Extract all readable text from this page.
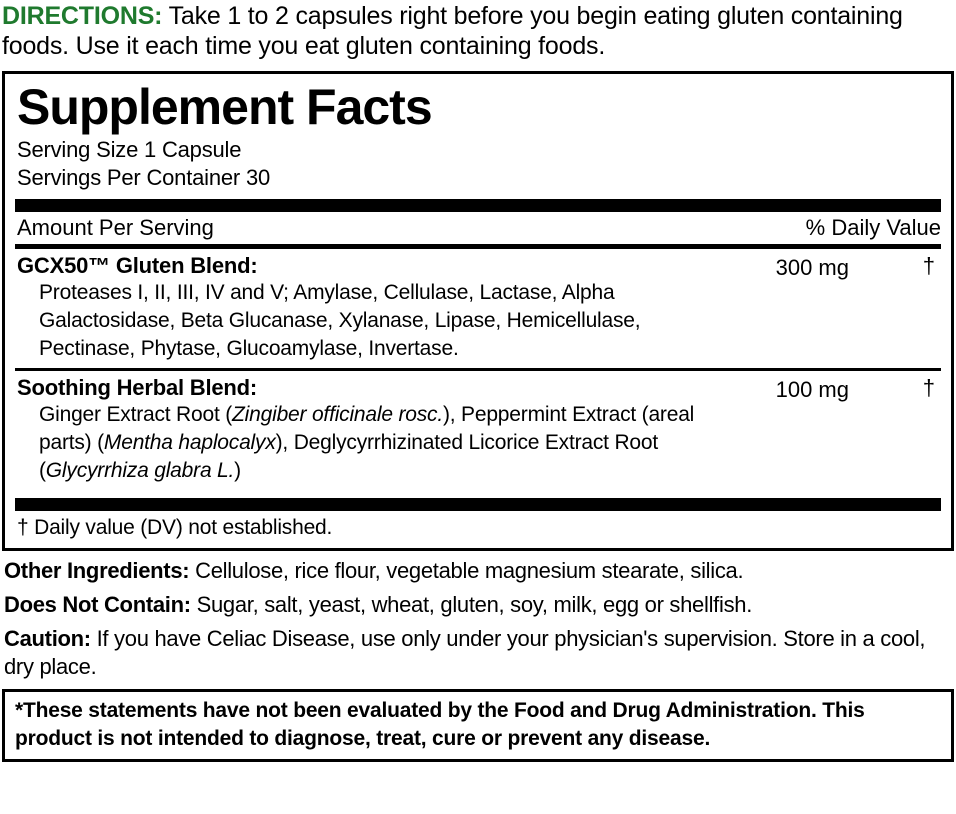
DIRECTIONS: Take 1 to 2 capsules right before you begin eating gluten containing foods. Use it each time you eat gluten containing foods.
Supplement Facts
Serving Size 1 Capsule
Servings Per Container 30
Amount Per Serving	% Daily Value
GCX50™ Gluten Blend:	300 mg	†
Proteases I, II, III, IV and V; Amylase, Cellulase, Lactase, Alpha Galactosidase, Beta Glucanase, Xylanase, Lipase, Hemicellulase, Pectinase, Phytase, Glucoamylase, Invertase.
Soothing Herbal Blend:	100 mg	†
Ginger Extract Root (Zingiber officinale rosc.), Peppermint Extract (areal parts) (Mentha haplocalyx), Deglycyrrhizinated Licorice Extract Root (Glycyrrhiza glabra L.)
† Daily value (DV) not established.

Other Ingredients: Cellulose, rice flour, vegetable magnesium stearate, silica.

Does Not Contain: Sugar, salt, yeast, wheat, gluten, soy, milk, egg or shellfish.

Caution: If you have Celiac Disease, use only under your physician's supervision. Store in a cool, dry place.

*These statements have not been evaluated by the Food and Drug Administration. This product is not intended to diagnose, treat, cure or prevent any disease.
